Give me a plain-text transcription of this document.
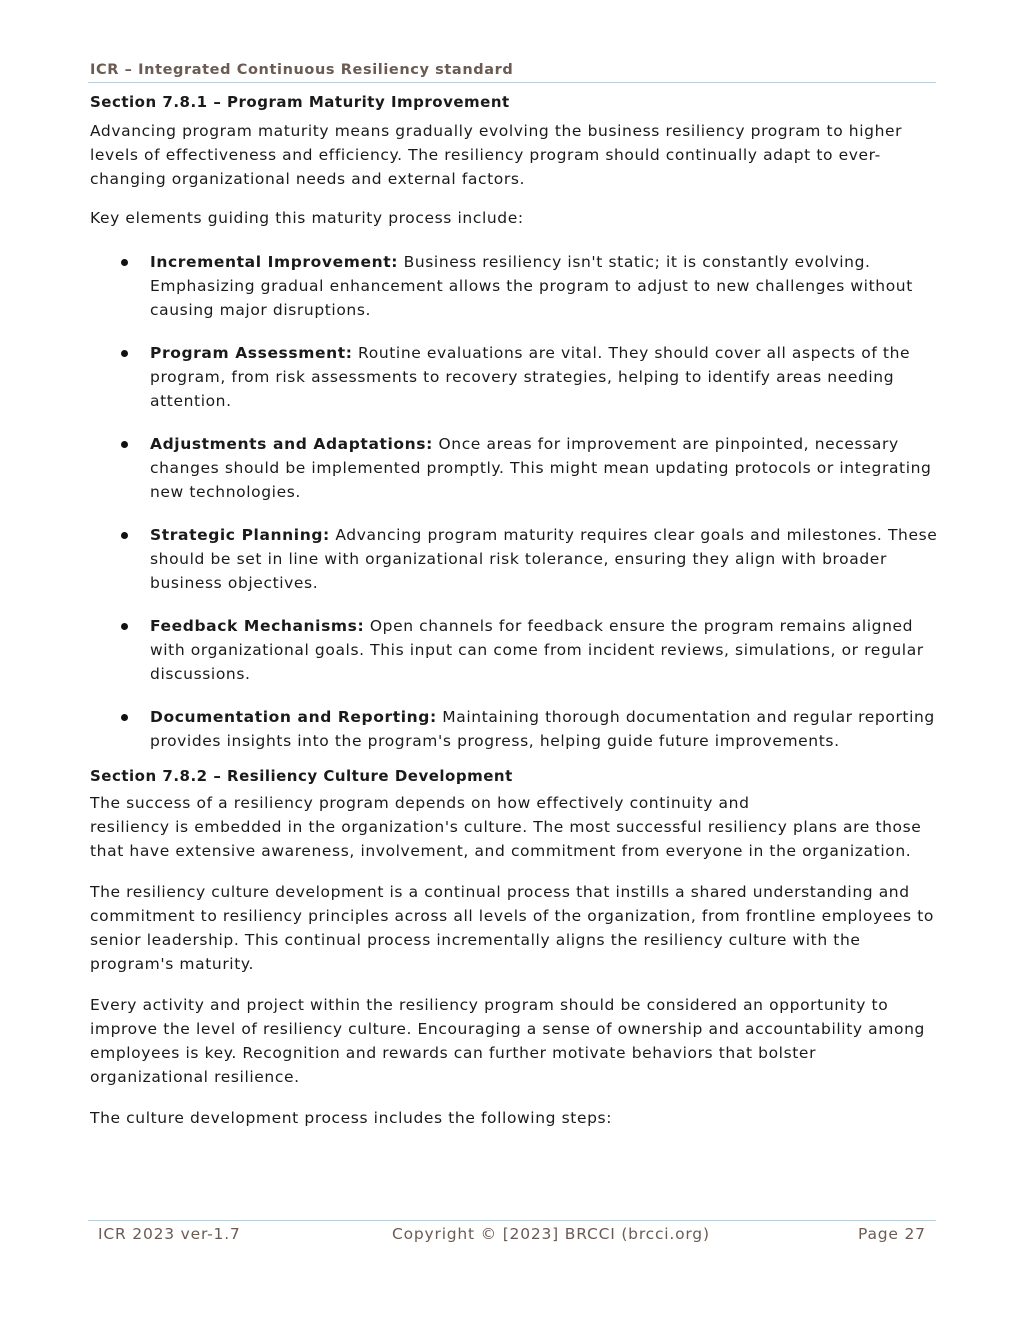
ICR – Integrated Continuous Resiliency standard
Section 7.8.1 – Program Maturity Improvement

Advancing program maturity means gradually evolving the business resiliency program to higher levels of effectiveness and efficiency. The resiliency program should continually adapt to ever-changing organizational needs and external factors.

Key elements guiding this maturity process include:

Incremental Improvement: Business resiliency isn't static; it is constantly evolving. Emphasizing gradual enhancement allows the program to adjust to new challenges without causing major disruptions.
Program Assessment: Routine evaluations are vital. They should cover all aspects of the program, from risk assessments to recovery strategies, helping to identify areas needing attention.
Adjustments and Adaptations: Once areas for improvement are pinpointed, necessary changes should be implemented promptly. This might mean updating protocols or integrating new technologies.
Strategic Planning: Advancing program maturity requires clear goals and milestones. These should be set in line with organizational risk tolerance, ensuring they align with broader business objectives.
Feedback Mechanisms: Open channels for feedback ensure the program remains aligned with organizational goals. This input can come from incident reviews, simulations, or regular discussions.
Documentation and Reporting: Maintaining thorough documentation and regular reporting provides insights into the program's progress, helping guide future improvements.
Section 7.8.2 – Resiliency Culture Development

The success of a resiliency program depends on how effectively continuity and
resiliency is embedded in the organization's culture. The most successful resiliency plans are those that have extensive awareness, involvement, and commitment from everyone in the organization.

The resiliency culture development is a continual process that instills a shared understanding and commitment to resiliency principles across all levels of the organization, from frontline employees to senior leadership. This continual process incrementally aligns the resiliency culture with the program's maturity.

Every activity and project within the resiliency program should be considered an opportunity to improve the level of resiliency culture. Encouraging a sense of ownership and accountability among employees is key. Recognition and rewards can further motivate behaviors that bolster organizational resilience.

The culture development process includes the following steps:

ICR 2023 ver-1.7	Copyright © [2023] BRCCI (brcci.org)	Page 27
